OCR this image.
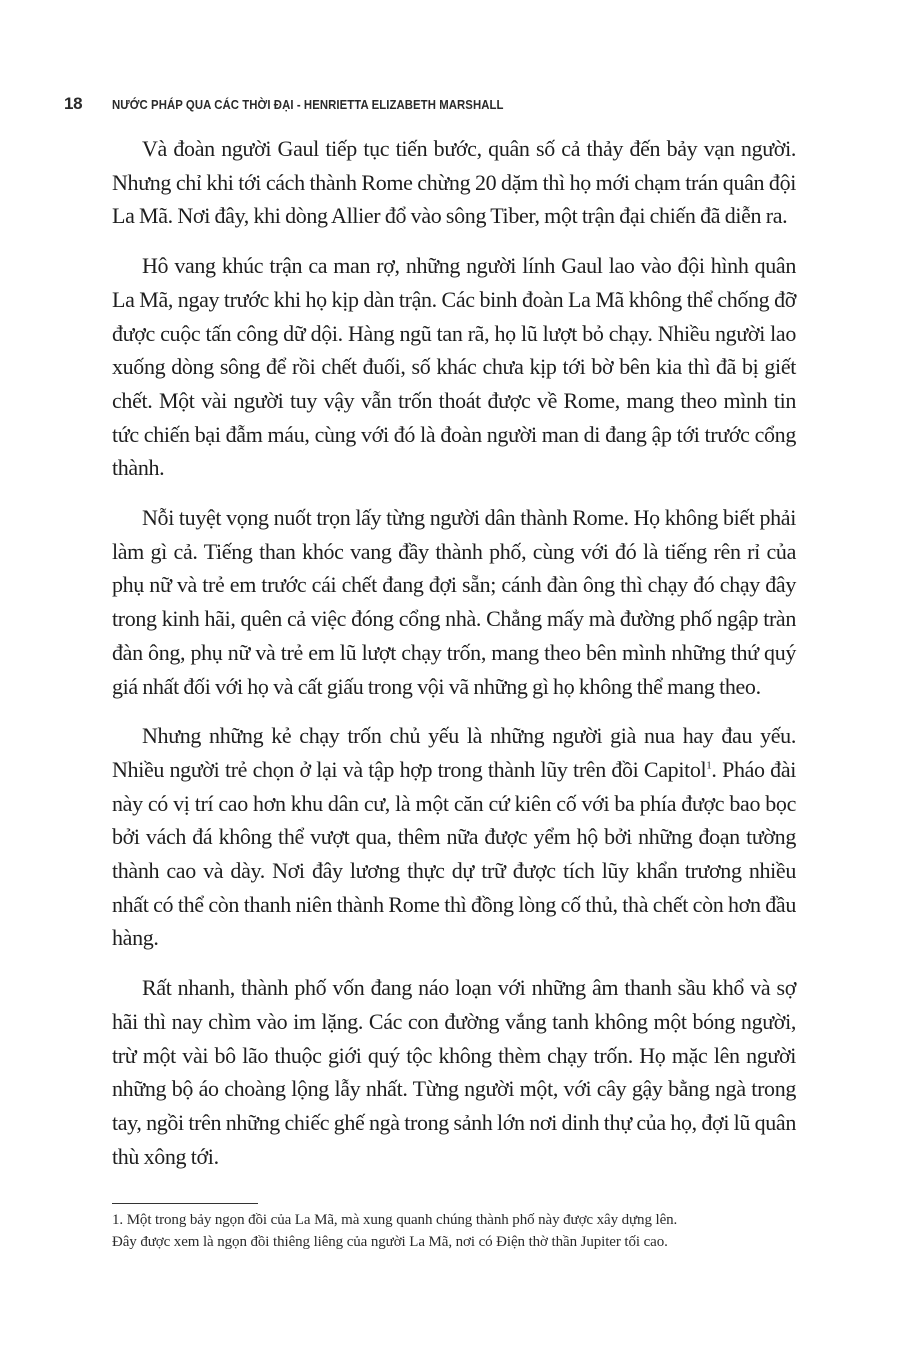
18	NƯỚC PHÁP QUA CÁC THỜI ĐẠI - HENRIETTA ELIZABETH MARSHALL

Và đoàn người Gaul tiếp tục tiến bước, quân số cả thảy đến bảy vạn người. Nhưng chỉ khi tới cách thành Rome chừng 20 dặm thì họ mới chạm trán quân đội La Mã. Nơi đây, khi dòng Allier đổ vào sông Tiber, một trận đại chiến đã diễn ra.

Hô vang khúc trận ca man rợ, những người lính Gaul lao vào đội hình quân La Mã, ngay trước khi họ kịp dàn trận. Các binh đoàn La Mã không thể chống đỡ được cuộc tấn công dữ dội. Hàng ngũ tan rã, họ lũ lượt bỏ chạy. Nhiều người lao xuống dòng sông để rồi chết đuối, số khác chưa kịp tới bờ bên kia thì đã bị giết chết. Một vài người tuy vậy vẫn trốn thoát được về Rome, mang theo mình tin tức chiến bại đẫm máu, cùng với đó là đoàn người man di đang ập tới trước cổng thành.

Nỗi tuyệt vọng nuốt trọn lấy từng người dân thành Rome. Họ không biết phải làm gì cả. Tiếng than khóc vang đầy thành phố, cùng với đó là tiếng rên rỉ của phụ nữ và trẻ em trước cái chết đang đợi sẵn; cánh đàn ông thì chạy đó chạy đây trong kinh hãi, quên cả việc đóng cổng nhà. Chẳng mấy mà đường phố ngập tràn đàn ông, phụ nữ và trẻ em lũ lượt chạy trốn, mang theo bên mình những thứ quý giá nhất đối với họ và cất giấu trong vội vã những gì họ không thể mang theo.

Nhưng những kẻ chạy trốn chủ yếu là những người già nua hay đau yếu. Nhiều người trẻ chọn ở lại và tập hợp trong thành lũy trên đồi Capitol$^1$. Pháo đài này có vị trí cao hơn khu dân cư, là một căn cứ kiên cố với ba phía được bao bọc bởi vách đá không thể vượt qua, thêm nữa được yểm hộ bởi những đoạn tường thành cao và dày. Nơi đây lương thực dự trữ được tích lũy khẩn trương nhiều nhất có thể còn thanh niên thành Rome thì đồng lòng cố thủ, thà chết còn hơn đầu hàng.

Rất nhanh, thành phố vốn đang náo loạn với những âm thanh sầu khổ và sợ hãi thì nay chìm vào im lặng. Các con đường vắng tanh không một bóng người, trừ một vài bô lão thuộc giới quý tộc không thèm chạy trốn. Họ mặc lên người những bộ áo choàng lộng lẫy nhất. Từng người một, với cây gậy bằng ngà trong tay, ngồi trên những chiếc ghế ngà trong sảnh lớn nơi dinh thự của họ, đợi lũ quân thù xông tới.

1. Một trong bảy ngọn đồi của La Mã, mà xung quanh chúng thành phố này được xây dựng lên.

Đây được xem là ngọn đồi thiêng liêng của người La Mã, nơi có Điện thờ thần Jupiter tối cao.
